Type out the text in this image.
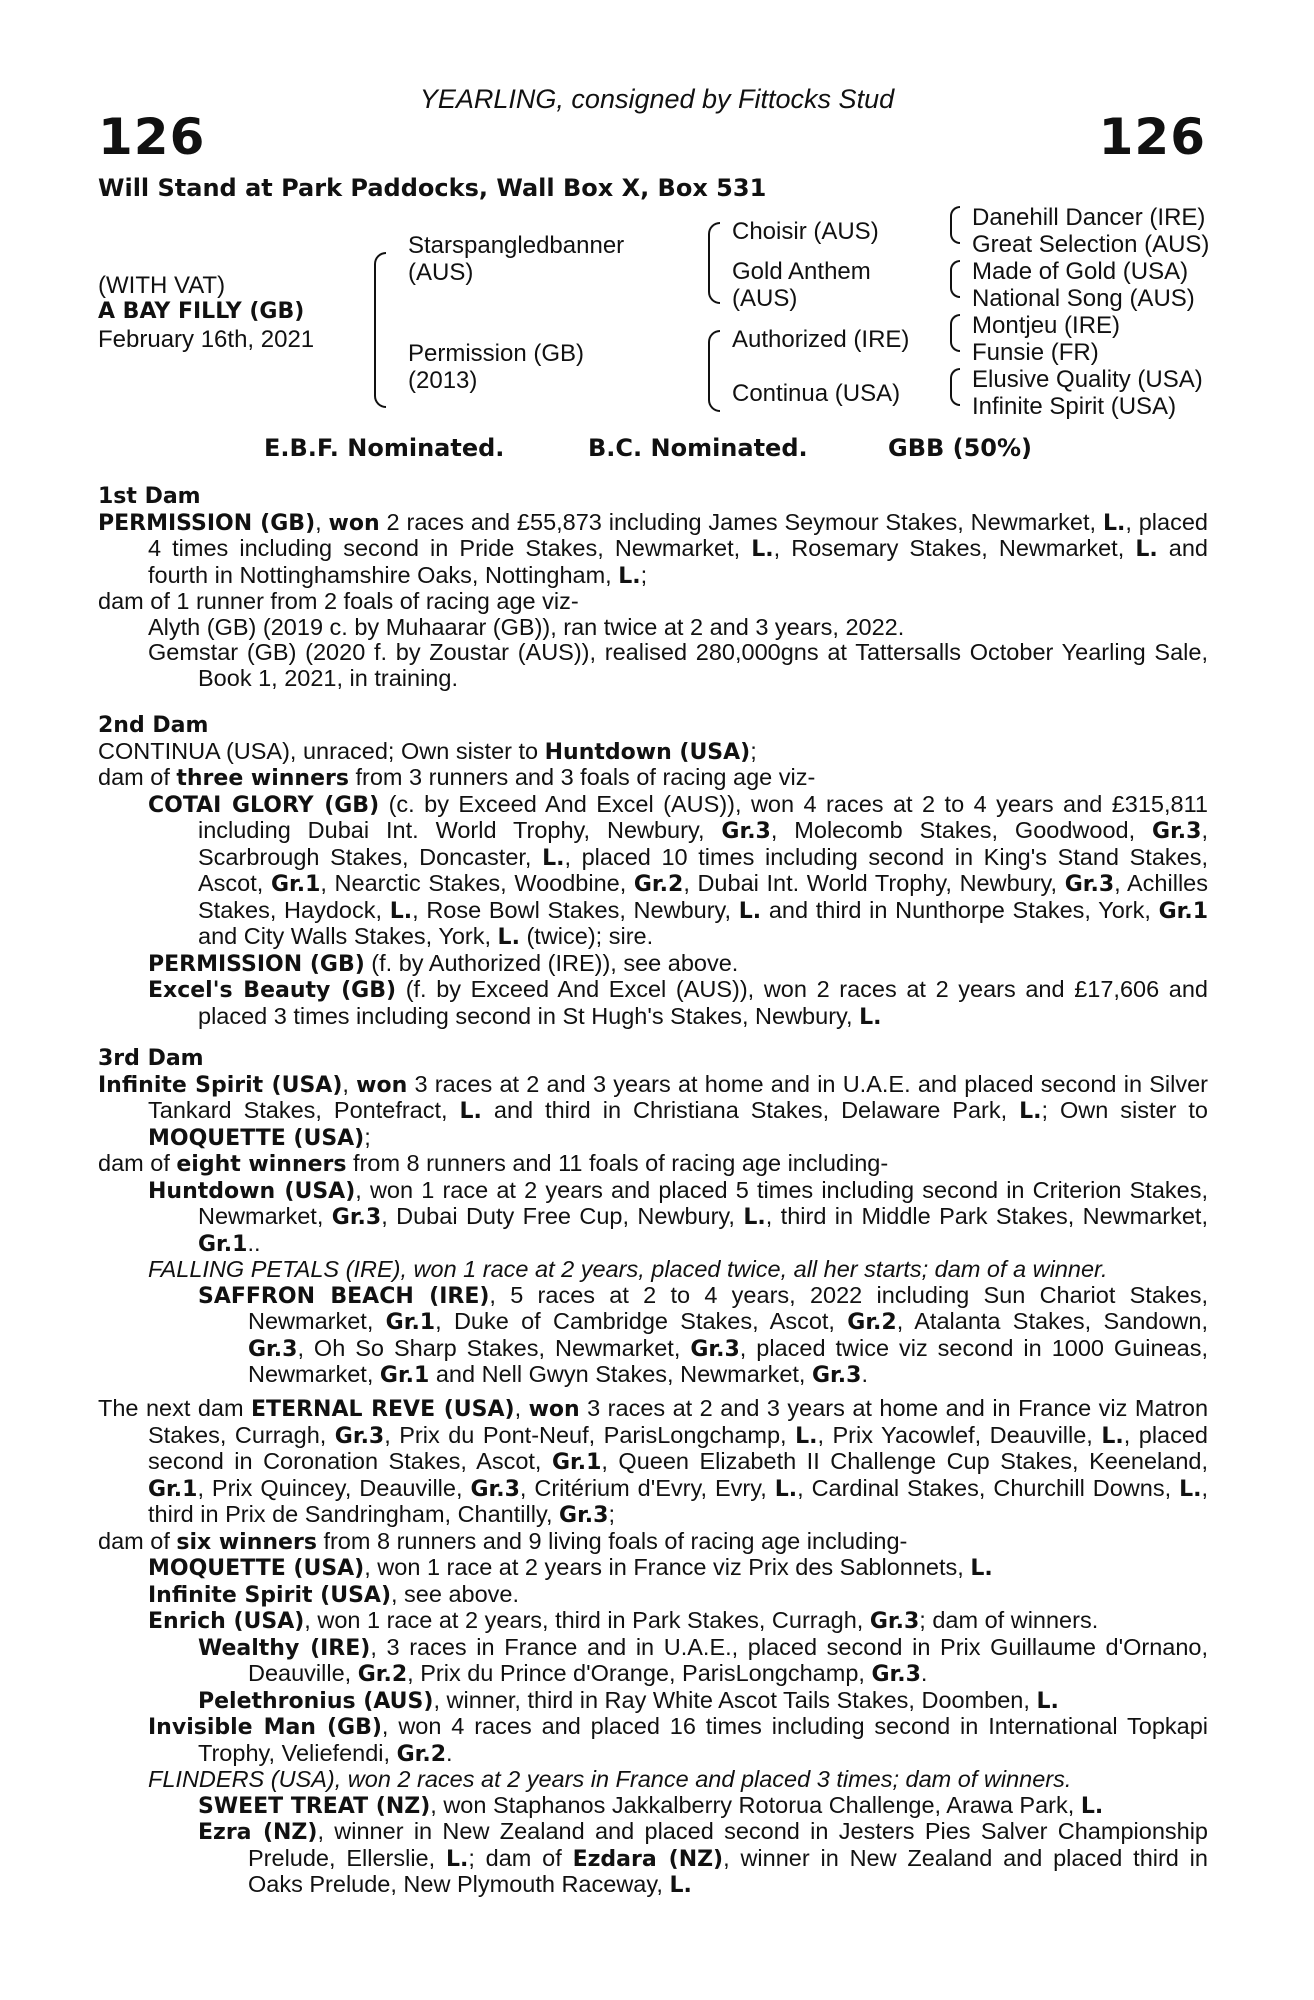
YEARLING, consigned by Fittocks Stud
126	126
Will Stand at Park Paddocks, Wall Box X, Box 531
(WITH VAT)
A BAY FILLY (GB)
February 16th, 2021
Starspangledbanner
(AUS)
Permission (GB)
(2013)
Choisir (AUS)
Gold Anthem
(AUS)
Authorized (IRE)
Continua (USA)
Danehill Dancer (IRE)
Great Selection (AUS)
Made of Gold (USA)
National Song (AUS)
Montjeu (IRE)
Funsie (FR)
Elusive Quality (USA)
Infinite Spirit (USA)
E.B.F. Nominated.	B.C. Nominated.	GBB (50%)

1st Dam

PERMISSION (GB), won 2 races and £55,873 including James Seymour Stakes, Newmarket, L., placed 4 times including second in Pride Stakes, Newmarket, L., Rosemary Stakes, Newmarket, L. and fourth in Nottinghamshire Oaks, Nottingham, L.;

dam of 1 runner from 2 foals of racing age viz-

Alyth (GB) (2019 c. by Muhaarar (GB)), ran twice at 2 and 3 years, 2022.

Gemstar (GB) (2020 f. by Zoustar (AUS)), realised 280,000gns at Tattersalls October Yearling Sale, Book 1, 2021, in training.

2nd Dam

CONTINUA (USA), unraced; Own sister to Huntdown (USA);

dam of three winners from 3 runners and 3 foals of racing age viz-

COTAI GLORY (GB) (c. by Exceed And Excel (AUS)), won 4 races at 2 to 4 years and £315,811 including Dubai Int. World Trophy, Newbury, Gr.3, Molecomb Stakes, Goodwood, Gr.3, Scarbrough Stakes, Doncaster, L., placed 10 times including second in King's Stand Stakes, Ascot, Gr.1, Nearctic Stakes, Woodbine, Gr.2, Dubai Int. World Trophy, Newbury, Gr.3, Achilles Stakes, Haydock, L., Rose Bowl Stakes, Newbury, L. and third in Nunthorpe Stakes, York, Gr.1 and City Walls Stakes, York, L. (twice); sire.

PERMISSION (GB) (f. by Authorized (IRE)), see above.

Excel's Beauty (GB) (f. by Exceed And Excel (AUS)), won 2 races at 2 years and £17,606 and placed 3 times including second in St Hugh's Stakes, Newbury, L.

3rd Dam

Infinite Spirit (USA), won 3 races at 2 and 3 years at home and in U.A.E. and placed second in Silver Tankard Stakes, Pontefract, L. and third in Christiana Stakes, Delaware Park, L.; Own sister to MOQUETTE (USA);

dam of eight winners from 8 runners and 11 foals of racing age including-

Huntdown (USA), won 1 race at 2 years and placed 5 times including second in Criterion Stakes, Newmarket, Gr.3, Dubai Duty Free Cup, Newbury, L., third in Middle Park Stakes, Newmarket, Gr.1..

FALLING PETALS (IRE), won 1 race at 2 years, placed twice, all her starts; dam of a winner.

SAFFRON BEACH (IRE), 5 races at 2 to 4 years, 2022 including Sun Chariot Stakes, Newmarket, Gr.1, Duke of Cambridge Stakes, Ascot, Gr.2, Atalanta Stakes, Sandown, Gr.3, Oh So Sharp Stakes, Newmarket, Gr.3, placed twice viz second in 1000 Guineas, Newmarket, Gr.1 and Nell Gwyn Stakes, Newmarket, Gr.3.

The next dam ETERNAL REVE (USA), won 3 races at 2 and 3 years at home and in France viz Matron Stakes, Curragh, Gr.3, Prix du Pont-Neuf, ParisLongchamp, L., Prix Yacowlef, Deauville, L., placed second in Coronation Stakes, Ascot, Gr.1, Queen Elizabeth II Challenge Cup Stakes, Keeneland, Gr.1, Prix Quincey, Deauville, Gr.3, Critérium d'Evry, Evry, L., Cardinal Stakes, Churchill Downs, L., third in Prix de Sandringham, Chantilly, Gr.3;

dam of six winners from 8 runners and 9 living foals of racing age including-

MOQUETTE (USA), won 1 race at 2 years in France viz Prix des Sablonnets, L.

Infinite Spirit (USA), see above.

Enrich (USA), won 1 race at 2 years, third in Park Stakes, Curragh, Gr.3; dam of winners.

Wealthy (IRE), 3 races in France and in U.A.E., placed second in Prix Guillaume d'Ornano, Deauville, Gr.2, Prix du Prince d'Orange, ParisLongchamp, Gr.3.

Pelethronius (AUS), winner, third in Ray White Ascot Tails Stakes, Doomben, L.

Invisible Man (GB), won 4 races and placed 16 times including second in International Topkapi Trophy, Veliefendi, Gr.2.

FLINDERS (USA), won 2 races at 2 years in France and placed 3 times; dam of winners.

SWEET TREAT (NZ), won Staphanos Jakkalberry Rotorua Challenge, Arawa Park, L.

Ezra (NZ), winner in New Zealand and placed second in Jesters Pies Salver Championship Prelude, Ellerslie, L.; dam of Ezdara (NZ), winner in New Zealand and placed third in Oaks Prelude, New Plymouth Raceway, L.
